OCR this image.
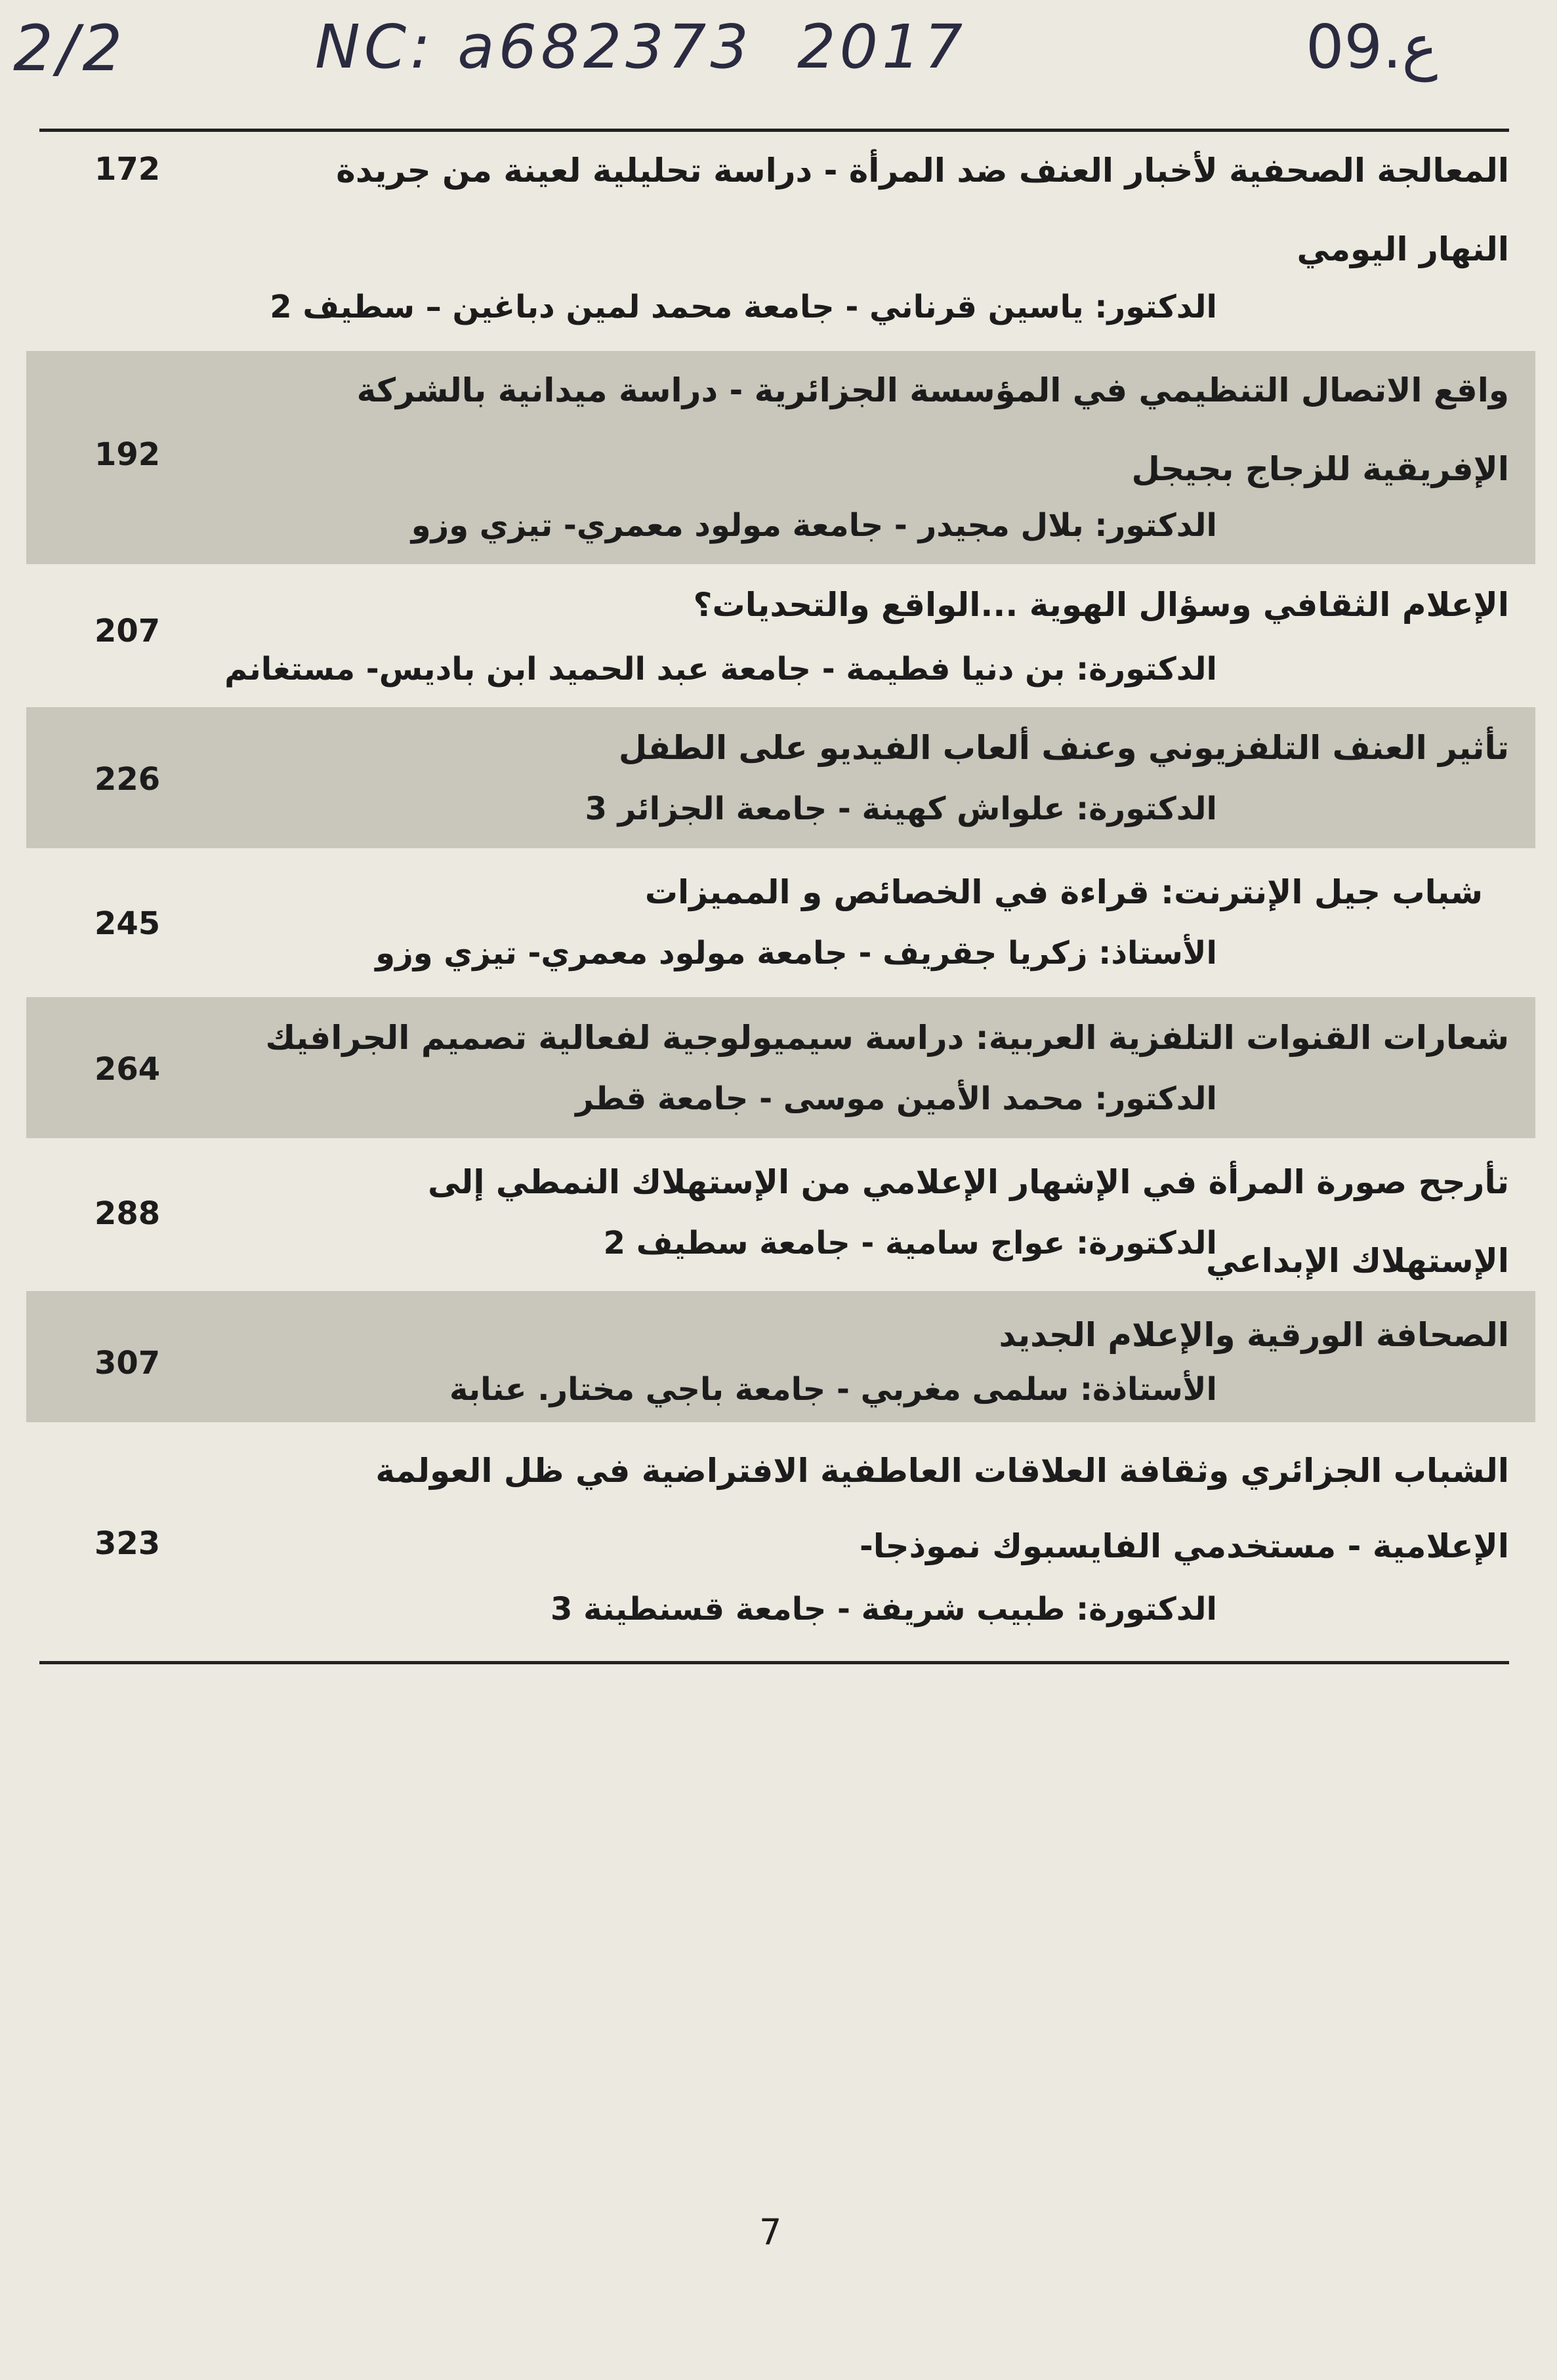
2/2	NC: a682373 2017	09.ع
المعالجة الصحفية لأخبار العنف ضد المرأة - دراسة تحليلية لعينة من جريدة النهار اليومي
الدكتور: ياسين قرناني - جامعة محمد لمين دباغين – سطيف 2
172
واقع الاتصال التنظيمي في المؤسسة الجزائرية - دراسة ميدانية بالشركة الإفريقية للزجاج بجيجل
الدكتور: بلال مجيدر - جامعة مولود معمري- تيزي وزو
192
الإعلام الثقافي وسؤال الهوية ...الواقع والتحديات؟
الدكتورة: بن دنيا فطيمة - جامعة عبد الحميد ابن باديس- مستغانم
207
تأثير العنف التلفزيوني وعنف ألعاب الفيديو على الطفل
الدكتورة: علواش كهينة - جامعة الجزائر 3
226
شباب جيل الإنترنت: قراءة في الخصائص و المميزات
الأستاذ: زكريا جقريف - جامعة مولود معمري- تيزي وزو
245
شعارات القنوات التلفزية العربية: دراسة سيميولوجية لفعالية تصميم الجرافيك
الدكتور: محمد الأمين موسى - جامعة قطر
264
تأرجح صورة المرأة في الإشهار الإعلامي من الإستهلاك النمطي إلى الإستهلاك الإبداعي
الدكتورة: عواج سامية - جامعة سطيف 2
288
الصحافة الورقية والإعلام الجديد
الأستاذة: سلمى مغربي - جامعة باجي مختار. عنابة
307
الشباب الجزائري وثقافة العلاقات العاطفية الافتراضية في ظل العولمة الإعلامية - مستخدمي الفايسبوك نموذجا-
الدكتورة: طبيب شريفة - جامعة قسنطينة 3
323
7
